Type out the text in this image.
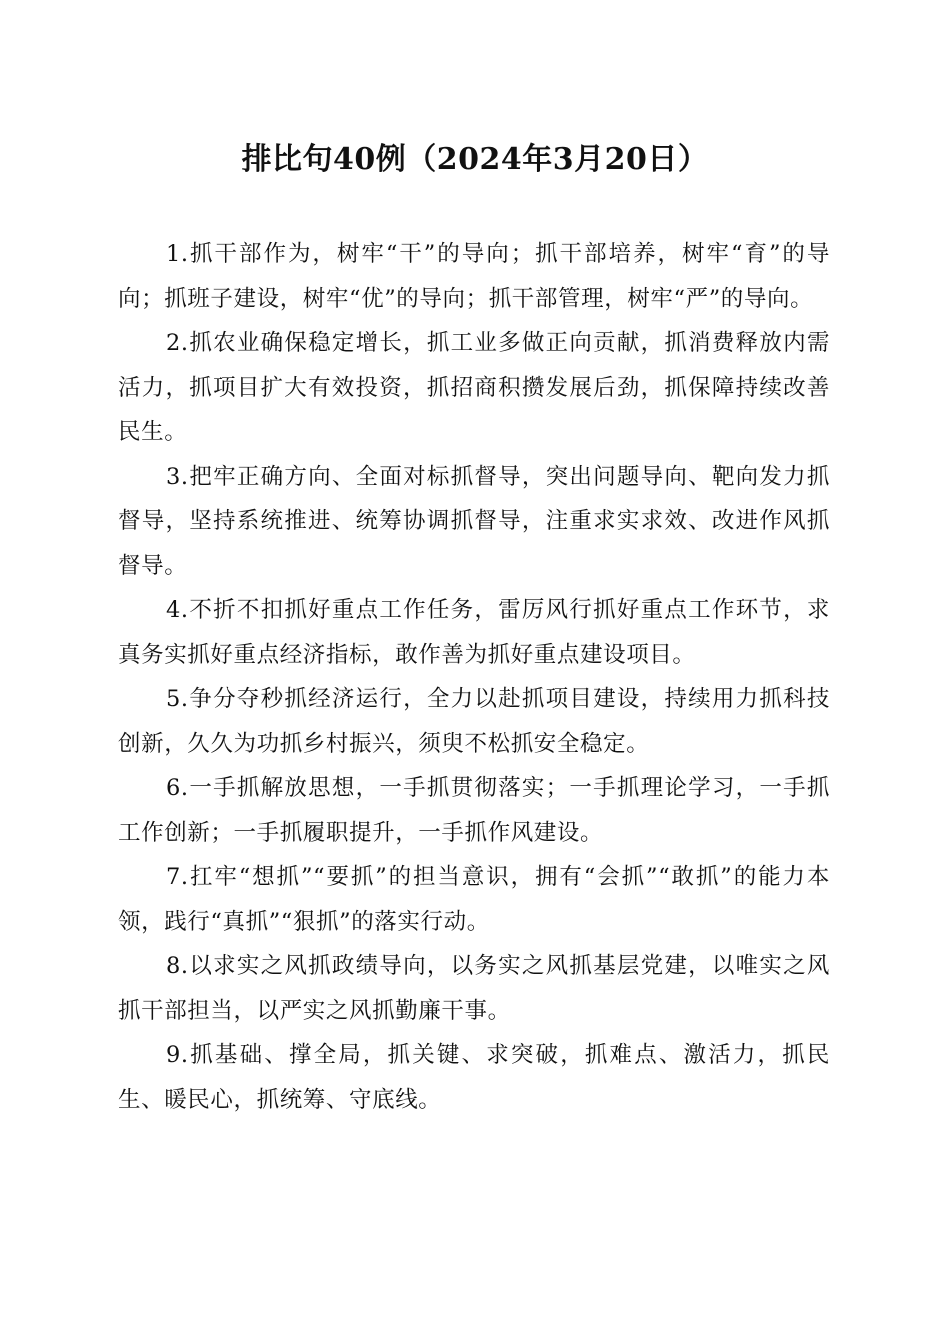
排比句40例（2024年3月20日）

1.抓干部作为，树牢“干”的导向；抓干部培养，树牢“育”的导向；抓班子建设，树牢“优”的导向；抓干部管理，树牢“严”的导向。

2.抓农业确保稳定增长，抓工业多做正向贡献，抓消费释放内需活力，抓项目扩大有效投资，抓招商积攒发展后劲，抓保障持续改善民生。

3.把牢正确方向、全面对标抓督导，突出问题导向、靶向发力抓督导，坚持系统推进、统筹协调抓督导，注重求实求效、改进作风抓督导。

4.不折不扣抓好重点工作任务，雷厉风行抓好重点工作环节，求真务实抓好重点经济指标，敢作善为抓好重点建设项目。

5.争分夺秒抓经济运行，全力以赴抓项目建设，持续用力抓科技创新，久久为功抓乡村振兴，须臾不松抓安全稳定。

6.一手抓解放思想，一手抓贯彻落实；一手抓理论学习，一手抓工作创新；一手抓履职提升，一手抓作风建设。

7.扛牢“想抓”“要抓”的担当意识，拥有“会抓”“敢抓”的能力本领，践行“真抓”“狠抓”的落实行动。

8.以求实之风抓政绩导向，以务实之风抓基层党建，以唯实之风抓干部担当，以严实之风抓勤廉干事。

9.抓基础、撑全局，抓关键、求突破，抓难点、激活力，抓民生、暖民心，抓统筹、守底线。
